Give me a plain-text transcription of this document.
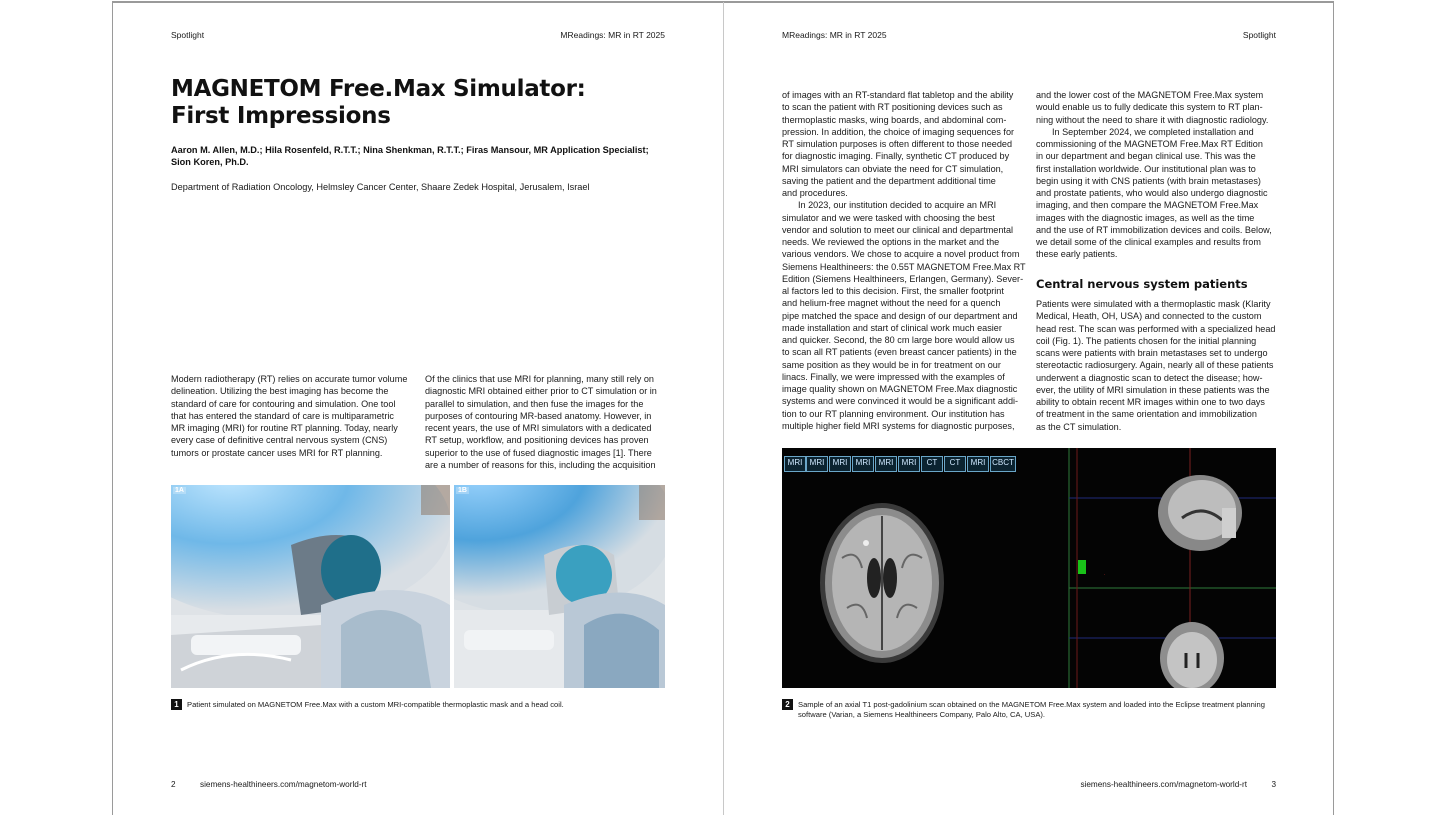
Spotlight	MReadings: MR in RT 2025
MAGNETOM Free.Max Simulator:
First Impressions
Aaron M. Allen, M.D.; Hila Rosenfeld, R.T.T.; Nina Shenkman, R.T.T.; Firas Mansour, MR Application Specialist;
Sion Koren, Ph.D.
Department of Radiation Oncology, Helmsley Cancer Center, Shaare Zedek Hospital, Jerusalem, Israel
Modern radiotherapy (RT) relies on accurate tumor volume
delineation. Utilizing the best imaging has become the
standard of care for contouring and simulation. One tool
that has entered the standard of care is multiparametric
MR imaging (MRI) for routine RT planning. Today, nearly
every case of definitive central nervous system (CNS)
tumors or prostate cancer uses MRI for RT planning.
Of the clinics that use MRI for planning, many still rely on
diagnostic MRI obtained either prior to CT simulation or in
parallel to simulation, and then fuse the images for the
purposes of contouring MR-based anatomy. However, in
recent years, the use of MRI simulators with a dedicated
RT setup, workflow, and positioning devices has proven
superior to the use of fused diagnostic images [1]. There
are a number of reasons for this, including the acquisition
1A	1B
1 Patient simulated on MAGNETOM Free.Max with a custom MRI-compatible thermoplastic mask and a head coil.
2	siemens-healthineers.com/magnetom-world-rt
MReadings: MR in RT 2025	Spotlight
of images with an RT-standard flat tabletop and the ability
to scan the patient with RT positioning devices such as
thermoplastic masks, wing boards, and abdominal com-
pression. In addition, the choice of imaging sequences for
RT simulation purposes is often different to those needed
for diagnostic imaging. Finally, synthetic CT produced by
MRI simulators can obviate the need for CT simulation,
saving the patient and the department additional time
and procedures.
In 2023, our institution decided to acquire an MRI
simulator and we were tasked with choosing the best
vendor and solution to meet our clinical and departmental
needs. We reviewed the options in the market and the
various vendors. We chose to acquire a novel product from
Siemens Healthineers: the 0.55T MAGNETOM Free.Max RT
Edition (Siemens Healthineers, Erlangen, Germany). Sever-
al factors led to this decision. First, the smaller footprint
and helium-free magnet without the need for a quench
pipe matched the space and design of our department and
made installation and start of clinical work much easier
and quicker. Second, the 80 cm large bore would allow us
to scan all RT patients (even breast cancer patients) in the
same position as they would be in for treatment on our
linacs. Finally, we were impressed with the examples of
image quality shown on MAGNETOM Free.Max diagnostic
systems and were convinced it would be a significant addi-
tion to our RT planning environment. Our institution has
multiple higher field MRI systems for diagnostic purposes,
and the lower cost of the MAGNETOM Free.Max system
would enable us to fully dedicate this system to RT plan-
ning without the need to share it with diagnostic radiology.
In September 2024, we completed installation and
commissioning of the MAGNETOM Free.Max RT Edition
in our department and began clinical use. This was the
first installation worldwide. Our institutional plan was to
begin using it with CNS patients (with brain metastases)
and prostate patients, who would also undergo diagnostic
imaging, and then compare the MAGNETOM Free.Max
images with the diagnostic images, as well as the time
and the use of RT immobilization devices and coils. Below,
we detail some of the clinical examples and results from
these early patients.
Central nervous system patients
Patients were simulated with a thermoplastic mask (Klarity
Medical, Heath, OH, USA) and connected to the custom
head rest. The scan was performed with a specialized head
coil (Fig. 1). The patients chosen for the initial planning
scans were patients with brain metastases set to undergo
stereotactic radiosurgery. Again, nearly all of these patients
underwent a diagnostic scan to detect the disease; how-
ever, the utility of MRI simulation in these patients was the
ability to obtain recent MR images within one to two days
of treatment in the same orientation and immobilization
as the CT simulation.
·
MRI MRI	MRI	MRI	MRI	MRI	CT	CT	MRI CBCT
2 Sample of an axial T1 post-gadolinium scan obtained on the MAGNETOM Free.Max system and loaded into the Eclipse treatment planning
software (Varian, a Siemens Healthineers Company, Palo Alto, CA, USA).
siemens-healthineers.com/magnetom-world-rt	3
